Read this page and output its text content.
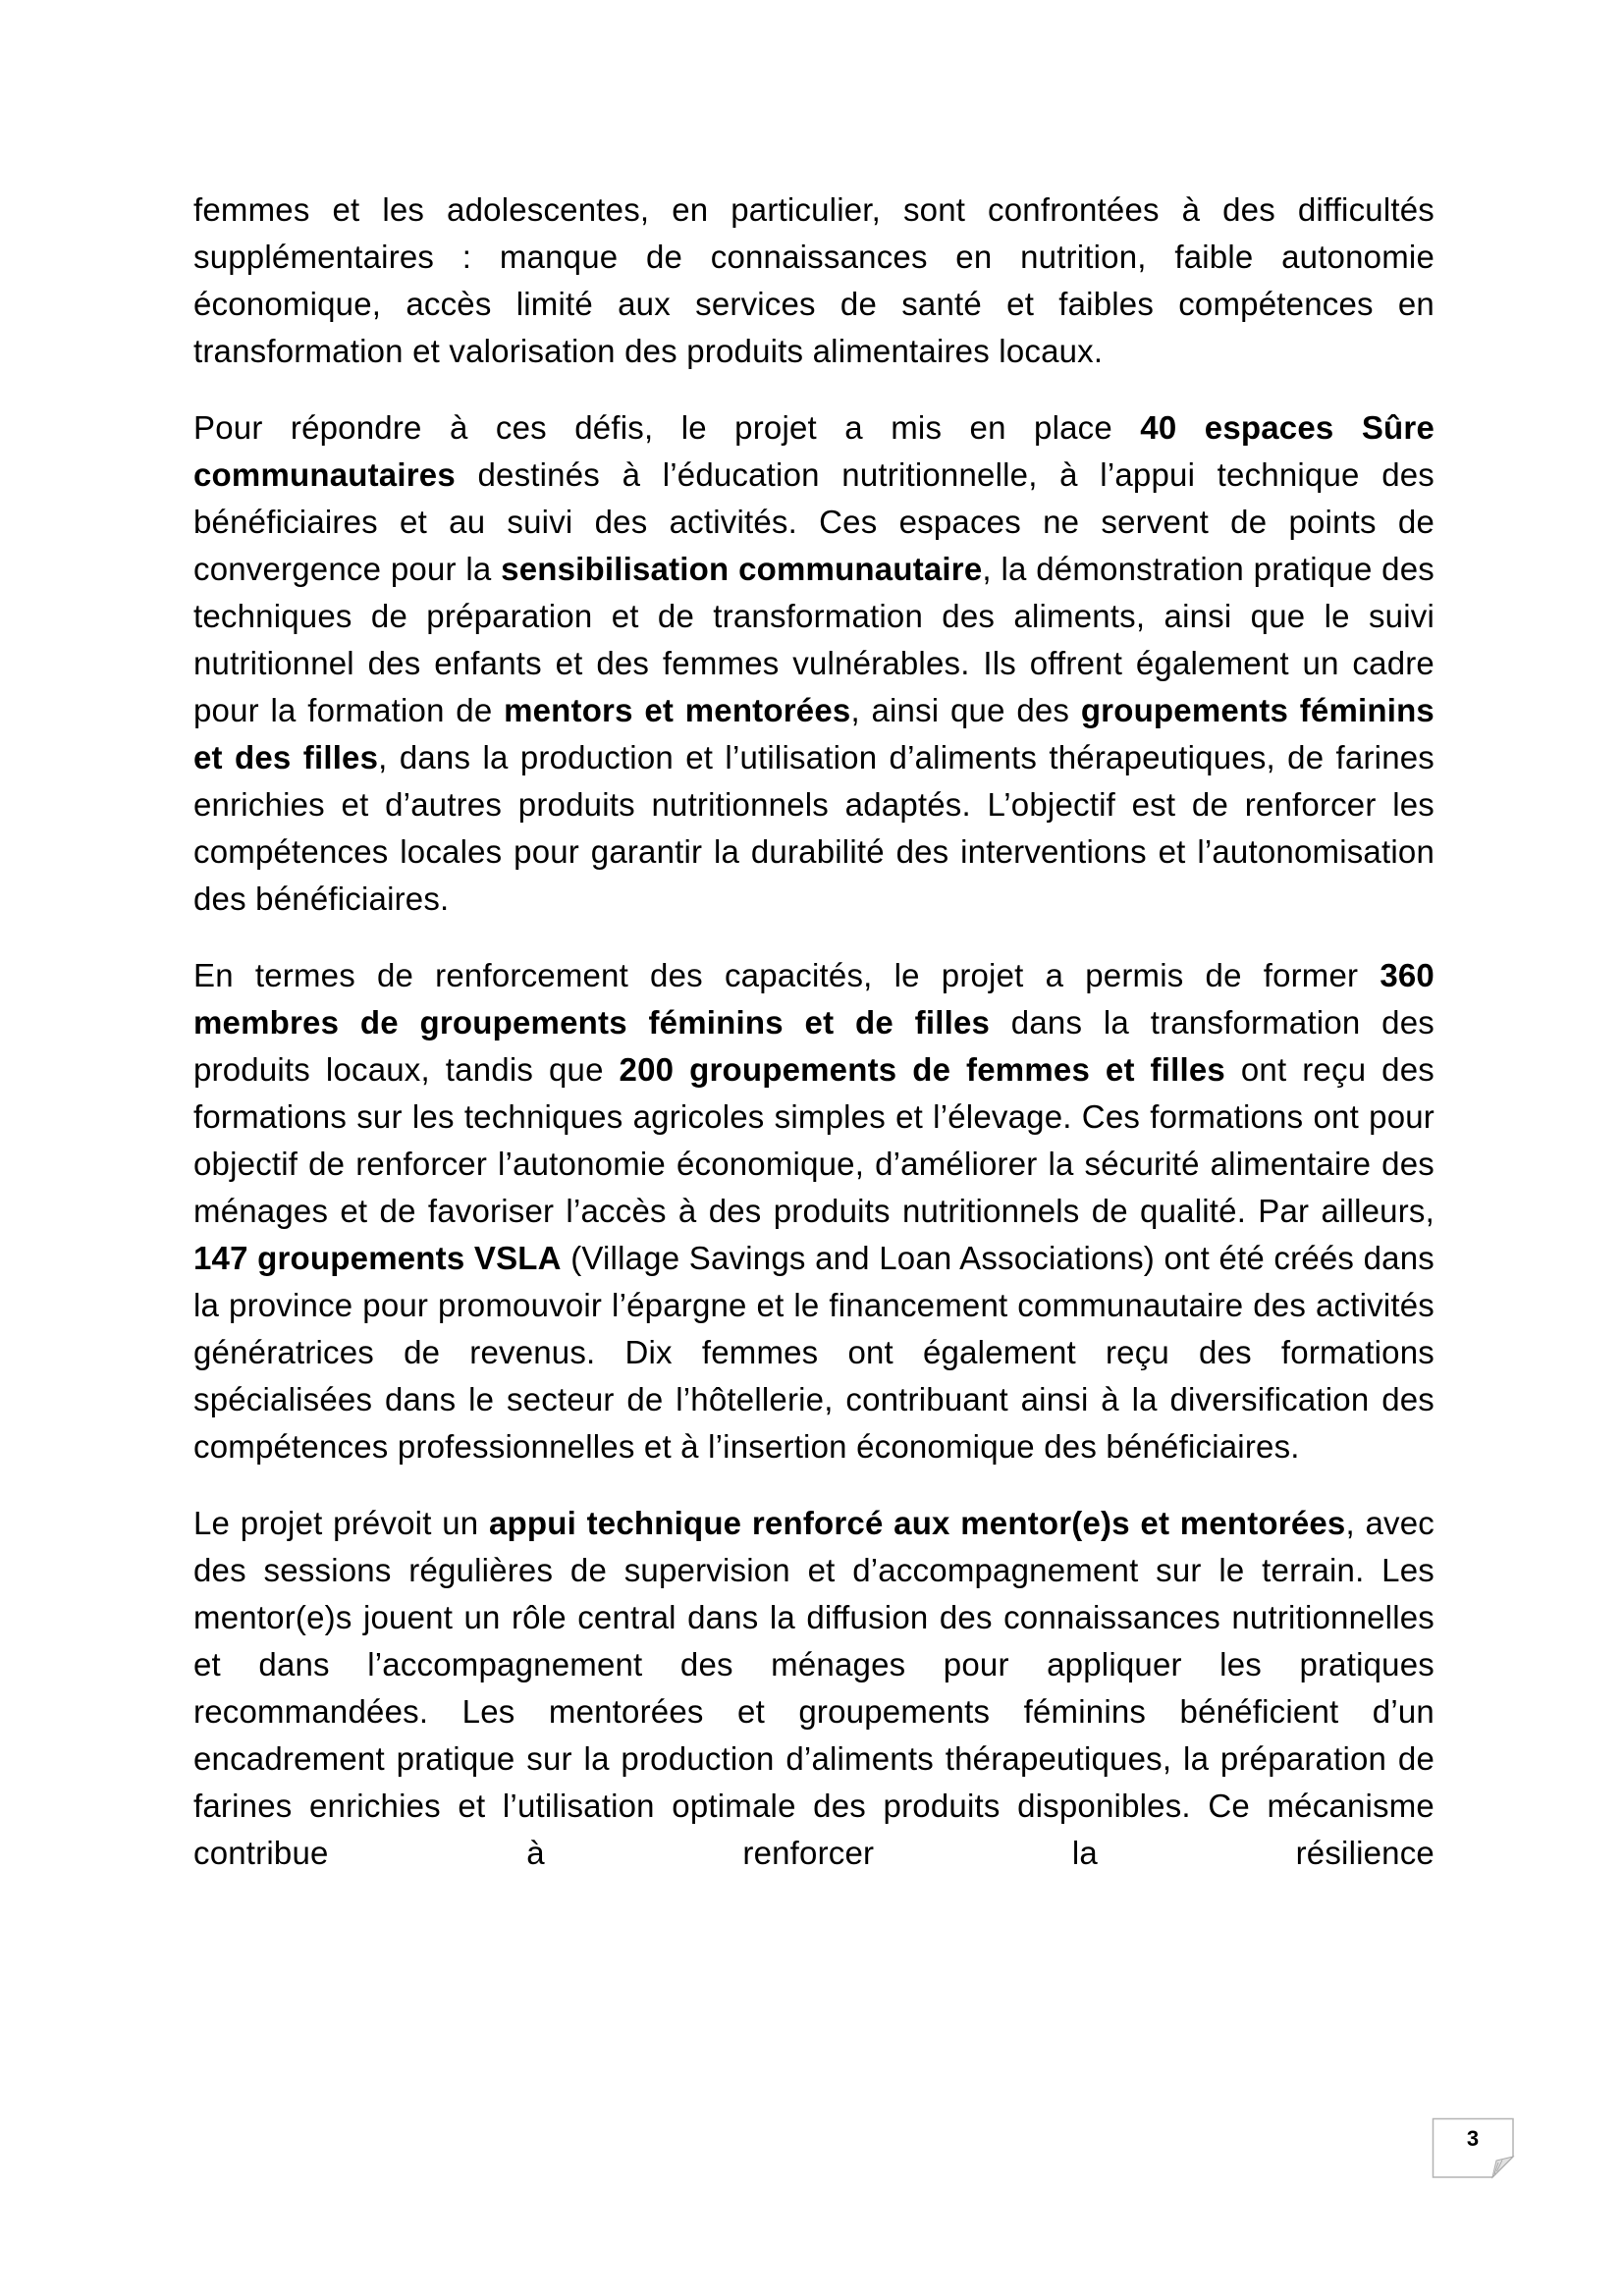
femmes et les adolescentes, en particulier, sont confrontées à des difficultés supplémentaires : manque de connaissances en nutrition, faible autonomie économique, accès limité aux services de santé et faibles compétences en transformation et valorisation des produits alimentaires locaux.

Pour répondre à ces défis, le projet a mis en place 40 espaces Sûre communautaires destinés à l’éducation nutritionnelle, à l’appui technique des bénéficiaires et au suivi des activités. Ces espaces ne servent de points de convergence pour la sensibilisation communautaire, la démonstration pratique des techniques de préparation et de transformation des aliments, ainsi que le suivi nutritionnel des enfants et des femmes vulnérables. Ils offrent également un cadre pour la formation de mentors et mentorées, ainsi que des groupements féminins et des filles, dans la production et l’utilisation d’aliments thérapeutiques, de farines enrichies et d’autres produits nutritionnels adaptés. L’objectif est de renforcer les compétences locales pour garantir la durabilité des interventions et l’autonomisation des bénéficiaires.

En termes de renforcement des capacités, le projet a permis de former 360 membres de groupements féminins et de filles dans la transformation des produits locaux, tandis que 200 groupements de femmes et filles ont reçu des formations sur les techniques agricoles simples et l’élevage. Ces formations ont pour objectif de renforcer l’autonomie économique, d’améliorer la sécurité alimentaire des ménages et de favoriser l’accès à des produits nutritionnels de qualité. Par ailleurs, 147 groupements VSLA (Village Savings and Loan Associations) ont été créés dans la province pour promouvoir l’épargne et le financement communautaire des activités génératrices de revenus. Dix femmes ont également reçu des formations spécialisées dans le secteur de l’hôtellerie, contribuant ainsi à la diversification des compétences professionnelles et à l’insertion économique des bénéficiaires.

Le projet prévoit un appui technique renforcé aux mentor(e)s et mentorées, avec des sessions régulières de supervision et d’accompagnement sur le terrain. Les mentor(e)s jouent un rôle central dans la diffusion des connaissances nutritionnelles et dans l’accompagnement des ménages pour appliquer les pratiques recommandées. Les mentorées et groupements féminins bénéficient d’un encadrement pratique sur la production d’aliments thérapeutiques, la préparation de farines enrichies et l’utilisation optimale des produits disponibles. Ce mécanisme contribue à renforcer la résilience

3
